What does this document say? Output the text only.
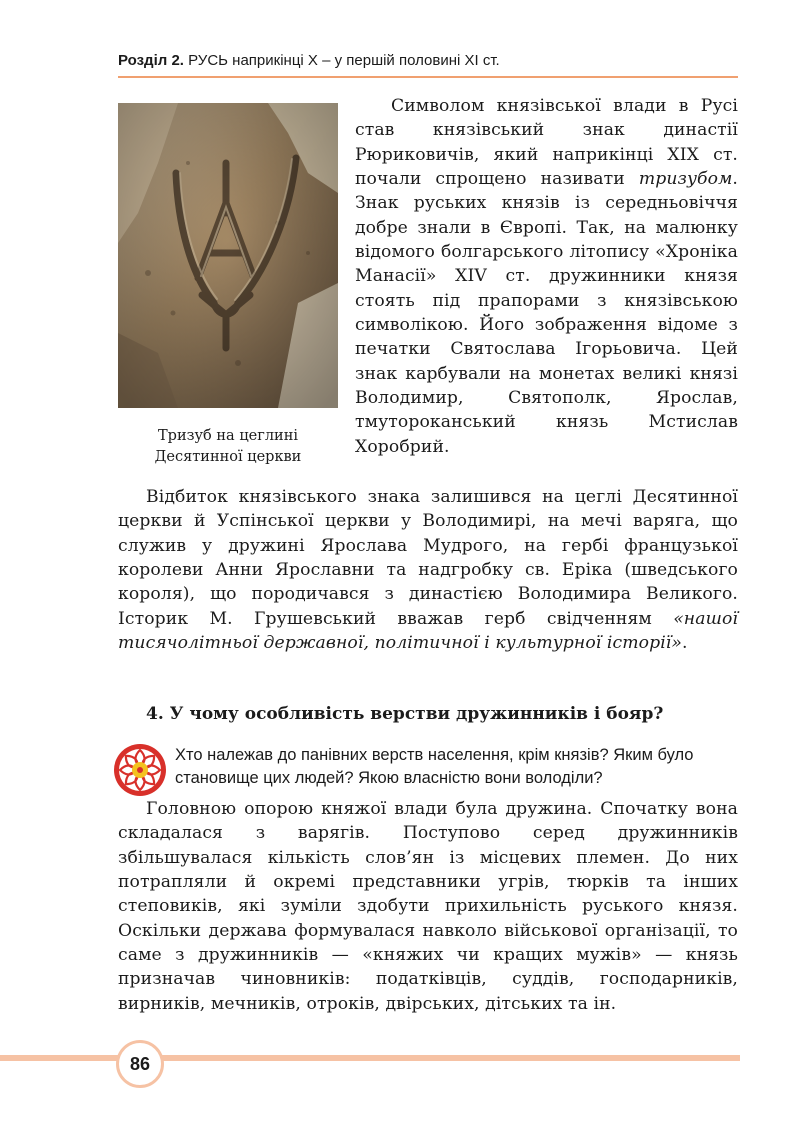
Розділ 2. РУСЬ наприкінці X – у першій половині XI ст.
Тризуб на цеглині
Десятинної церкви
Символом князівської влади в Русі став князівський знак династії Рюриковичів, який наприкінці XIX ст. почали спрощено називати тризубом. Знак руських князів із середньовіччя добре знали в Європі. Так, на малюнку відомого болгарського літопису «Хроніка Манасії» XIV ст. дружинники князя стоять під прапорами з князівською символікою. Його зображення відоме з печатки Святослава Ігорьовича. Цей знак карбували на монетах великі князі Володимир, Святополк, Ярослав, тмутороканський князь Мстислав Хоробрий.
Відбиток князівського знака залишився на цеглі Десятинної церкви й Успінської церкви у Володимирі, на мечі варяга, що служив у дружині Ярослава Мудрого, на гербі французької королеви Анни Ярославни та надгробку св. Еріка (шведського короля), що породичався з династією Володимира Великого. Історик М. Грушевський вважав герб свідченням «нашої тисячолітньої державної, політичної і культурної історії».
4. У чому особливість верстви дружинників і бояр?
Хто належав до панівних верств населення, крім князів? Яким було становище цих людей? Якою власністю вони володіли?
Головною опорою княжої влади була дружина. Спочатку вона складалася з варягів. Поступово серед дружинників збільшувалася кількість слов’ян із місцевих племен. До них потрапляли й окремі представники угрів, тюрків та інших степовиків, які зуміли здобути прихильність руського князя. Оскільки держава формувалася навколо військової організації, то саме з дружинників — «княжих чи кращих мужів» — князь призначав чиновників: податківців, суддів, господарників, вирників, мечників, отроків, двірських, дітських та ін.
86
